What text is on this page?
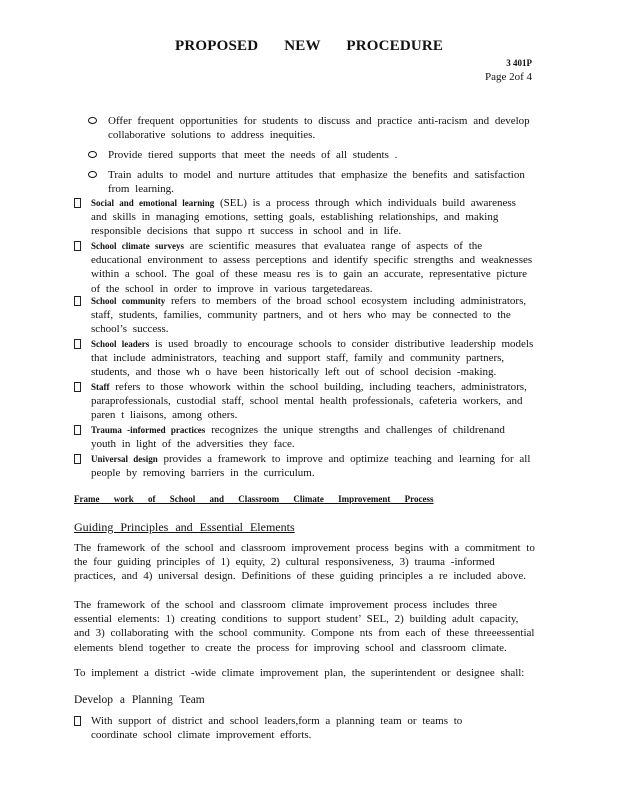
PROPOSED NEW PROCEDURE
3 401P
Page 2of 4
Offer frequent opportunities for students to discuss and practice anti-racism and develop collaborative solutions to address inequities.
Provide tiered supports that meet the needs of all students .
Train adults to model and nurture attitudes that emphasize the benefits and satisfaction from learning.
Social and emotional learning (SEL) is a process through which individuals build awareness and skills in managing emotions, setting goals, establishing relationships, and making responsible decisions that suppo rt success in school and in life.
School climate surveys are scientific measures that evaluatea range of aspects of the educational environment to assess perceptions and identify specific strengths and weaknesses within a school. The goal of these measu res is to gain an accurate, representative picture of the school in order to improve in various targetedareas.
School community refers to members of the broad school ecosystem including administrators, staff, students, families, community partners, and ot hers who may be connected to the school’s success.
School leaders is used broadly to encourage schools to consider distributive leadership models that include administrators, teaching and support staff, family and community partners, students, and those wh o have been historically left out of school decision -making.
Staff refers to those whowork within the school building, including teachers, administrators, paraprofessionals, custodial staff, school mental health professionals, cafeteria workers, and paren t liaisons, among others.
Trauma -informed practices recognizes the unique strengths and challenges of childrenand youth in light of the adversities they face.
Universal design provides a framework to improve and optimize teaching and learning for all people by removing barriers in the curriculum.
Frame work of School and Classroom Climate Improvement Process
Guiding Principles and Essential Elements
The framework of the school and classroom improvement process begins with a commitment to the four guiding principles of 1) equity, 2) cultural responsiveness, 3) trauma -informed practices, and 4) universal design. Definitions of these guiding principles a re included above.
The framework of the school and classroom climate improvement process includes three essential elements: 1) creating conditions to support student’ SEL, 2) building adult capacity, and 3) collaborating with the school community. Compone nts from each of these threeessential elements blend together to create the process for improving school and classroom climate.
To implement a district -wide climate improvement plan, the superintendent or designee shall:
Develop a Planning Team
With support of district and school leaders,form a planning team or teams to coordinate school climate improvement efforts.
